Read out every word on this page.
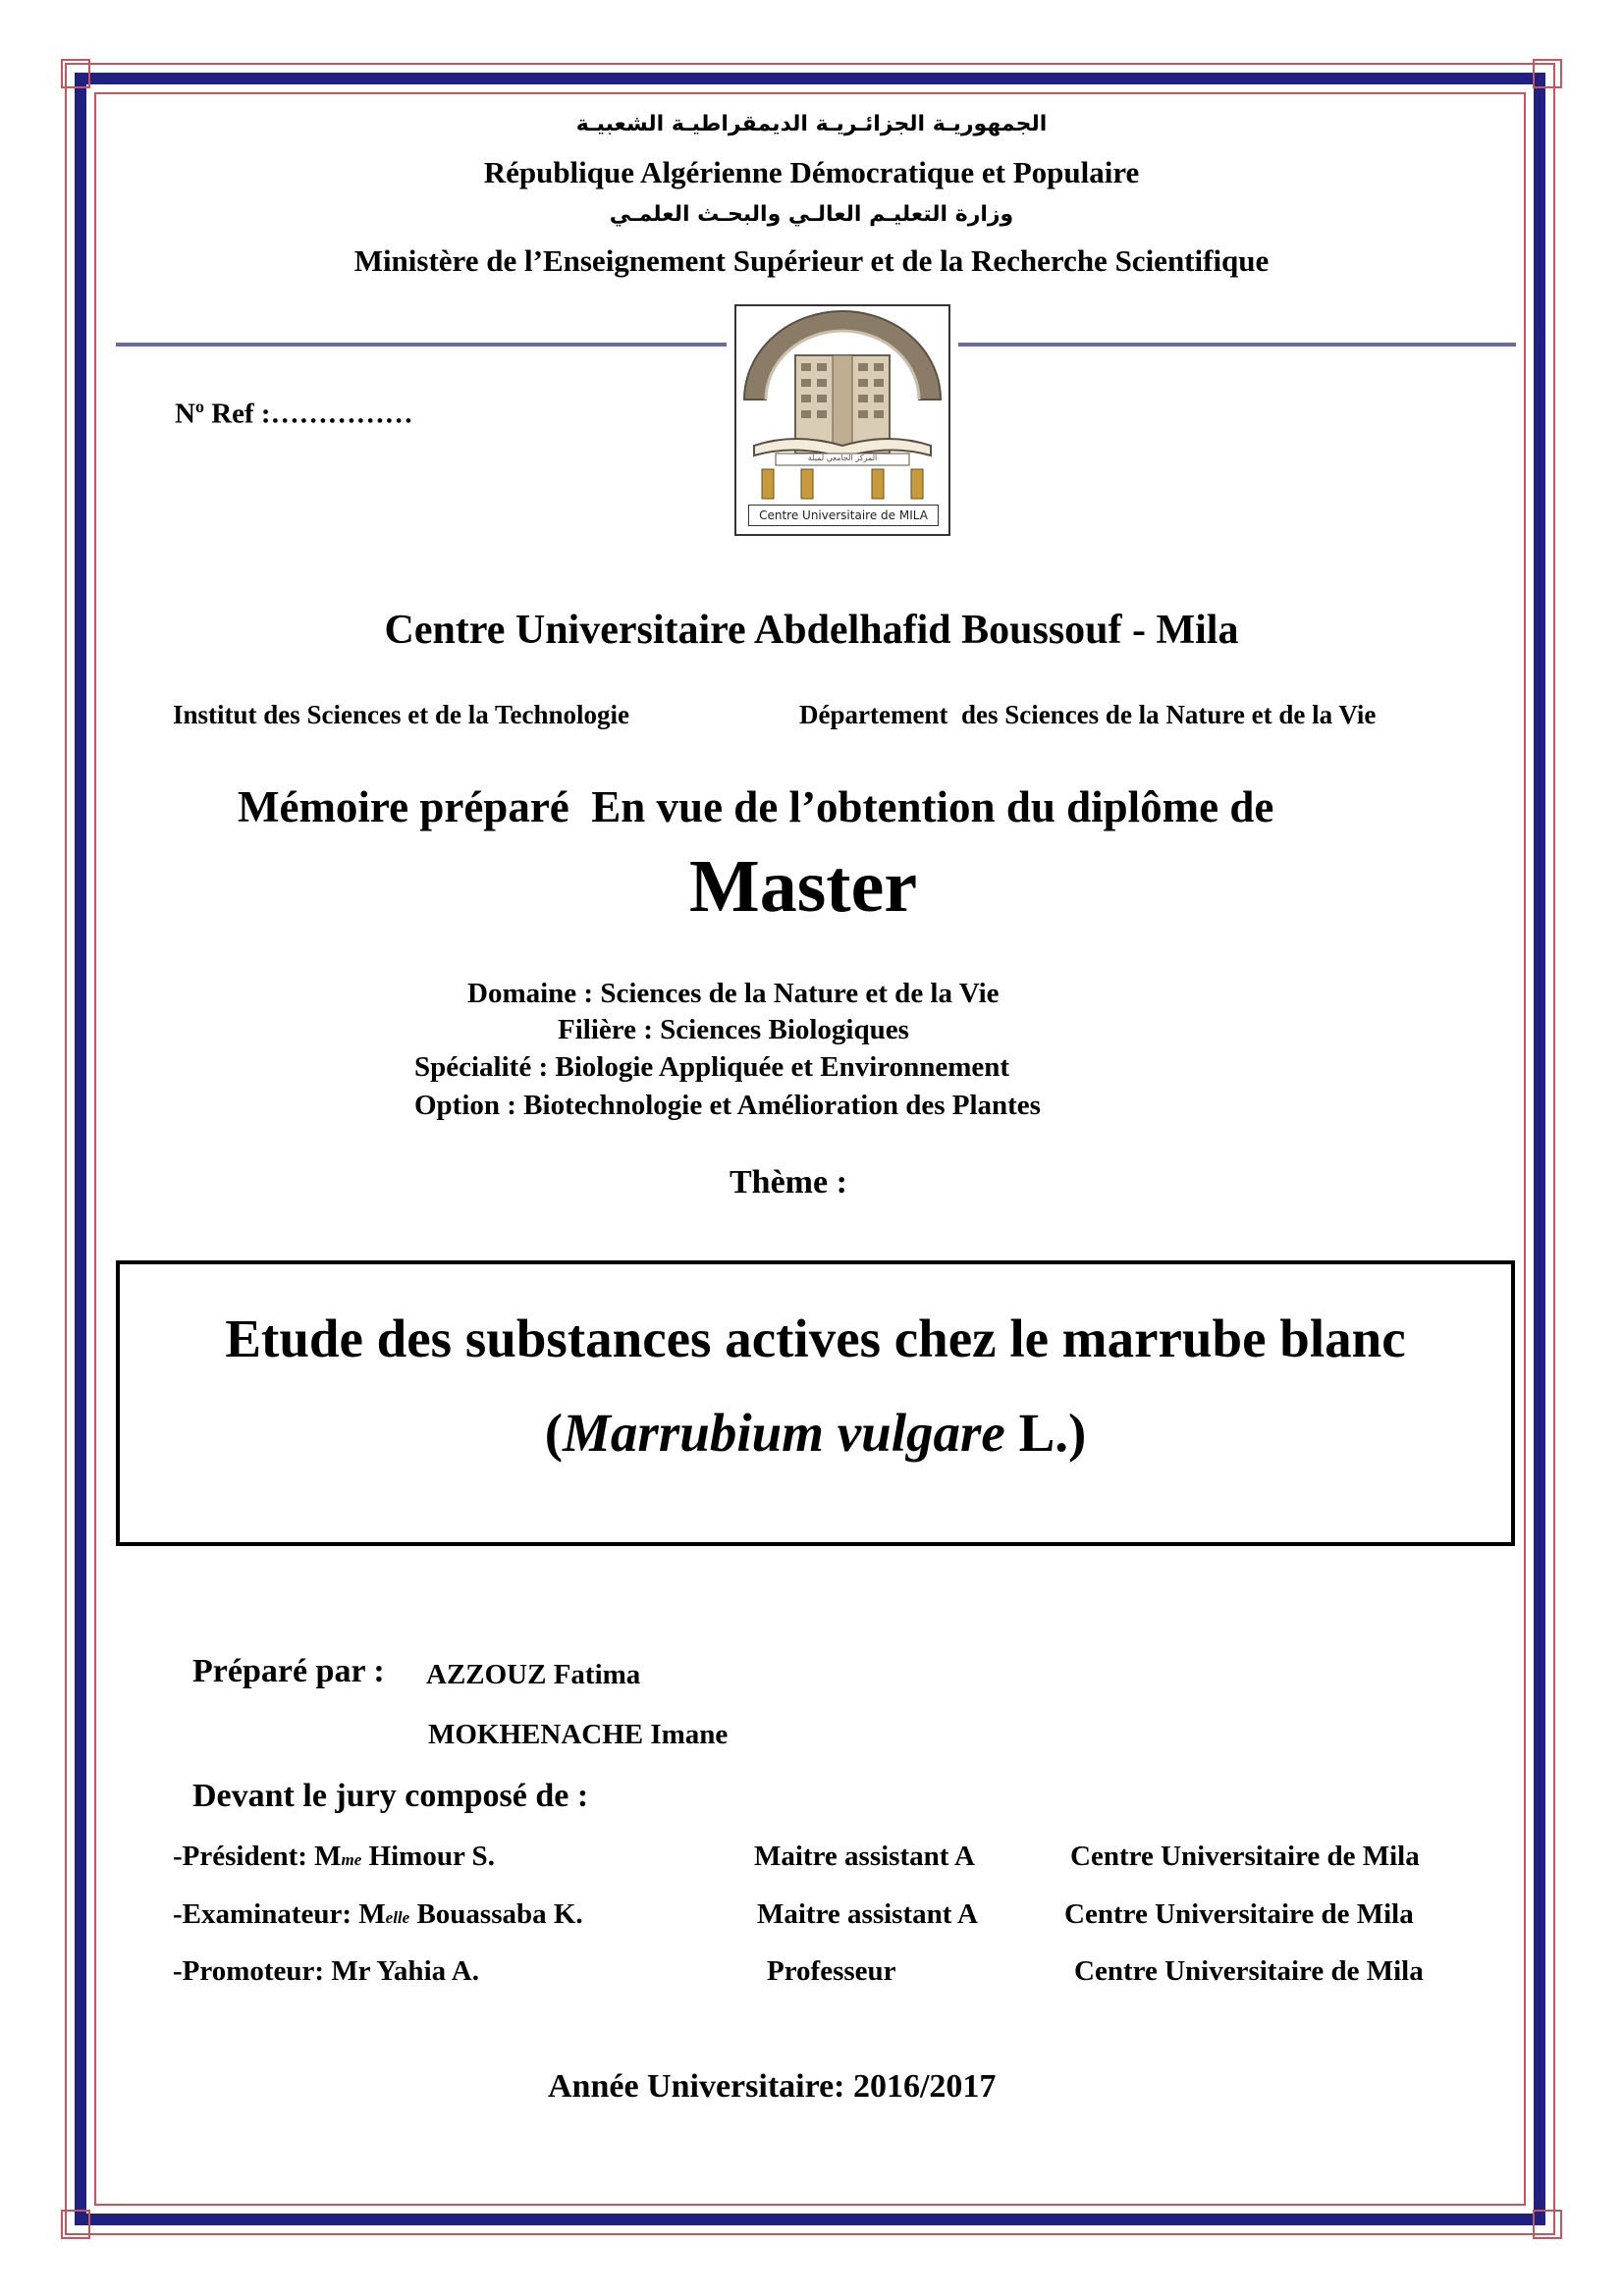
الجمهوريـة الجزائـريـة الديمقراطيـة الشعبيـة
République Algérienne Démocratique et Populaire
وزارة التعليـم العالـي والبحـث العلمـي
Ministère de l’Enseignement Supérieur et de la Recherche Scientifique
$N^o$ Ref :……………
المركز الجامعي لميلة
Centre Universitaire de MILA
Centre Universitaire Abdelhafid Boussouf - Mila
Institut des Sciences et de la Technologie	Département  des Sciences de la Nature et de la Vie
Mémoire préparé  En vue de l’obtention du diplôme de
Master
Domaine : Sciences de la Nature et de la Vie
Filière : Sciences Biologiques
Spécialité : Biologie Appliquée et Environnement
Option : Biotechnologie et Amélioration des Plantes
Thème :
Etude des substances actives chez le marrube blanc
(Marrubium vulgare L.)
Préparé par : AZZOUZ Fatima
MOKHENACHE Imane
Devant le jury composé de :
-Président: Mme Himour S.	Maitre assistant A	Centre Universitaire de Mila
-Examinateur: Melle Bouassaba K.	Maitre assistant A	Centre Universitaire de Mila
-Promoteur: Mr Yahia A.	Professeur	Centre Universitaire de Mila
Année Universitaire: 2016/2017
